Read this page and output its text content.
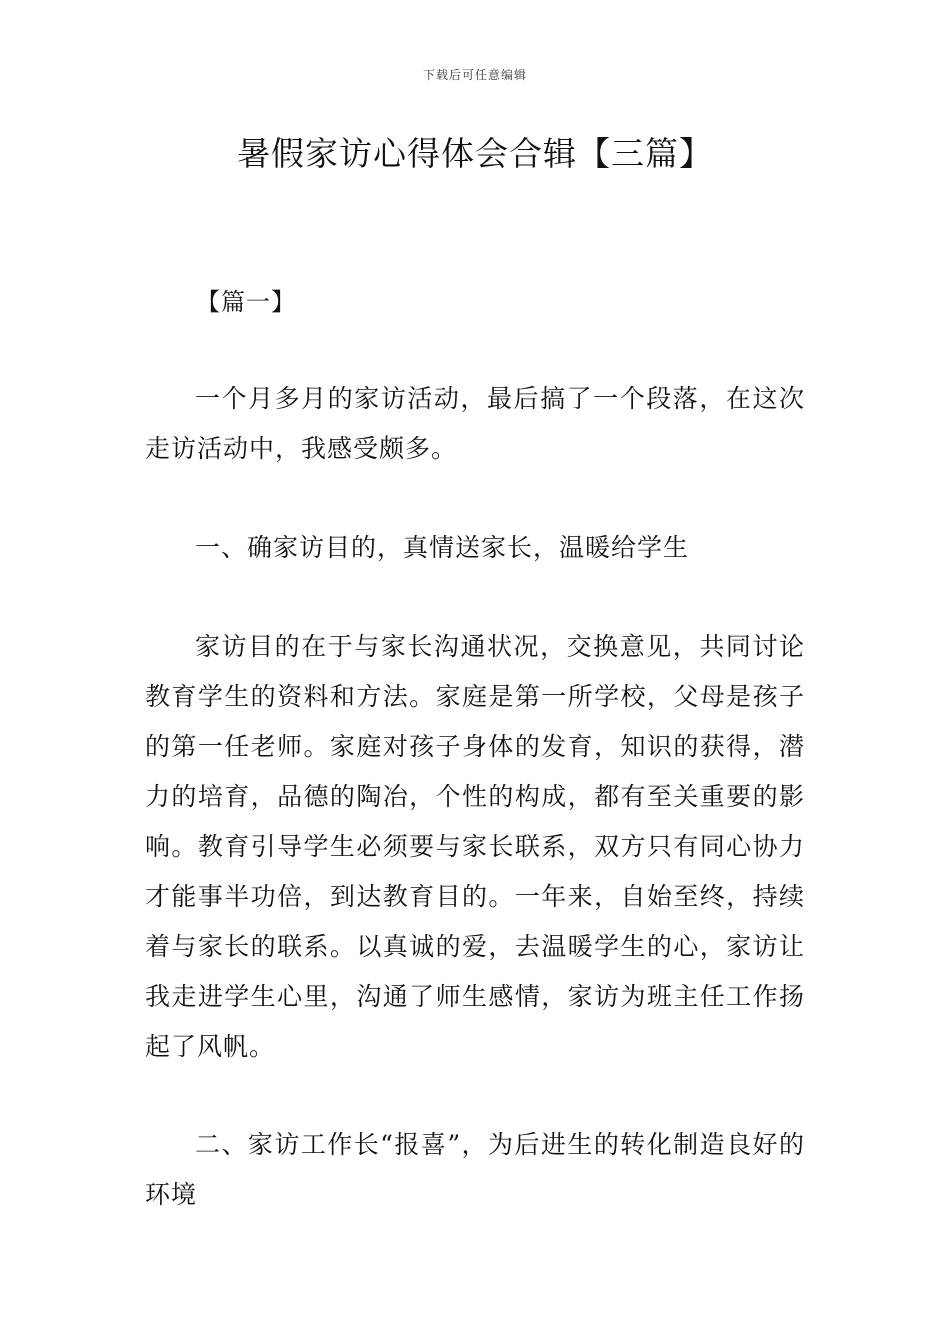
下载后可任意编辑
暑假家访心得体会合辑【三篇】
【篇一】

一个月多月的家访活动，最后搞了一个段落，在这次走访活动中，我感受颇多。

一、确家访目的，真情送家长，温暖给学生

家访目的在于与家长沟通状况，交换意见，共同讨论教育学生的资料和方法。家庭是第一所学校，父母是孩子的第一任老师。家庭对孩子身体的发育，知识的获得，潜力的培育，品德的陶冶，个性的构成，都有至关重要的影响。教育引导学生必须要与家长联系，双方只有同心协力才能事半功倍，到达教育目的。一年来，自始至终，持续着与家长的联系。以真诚的爱，去温暖学生的心，家访让我走进学生心里，沟通了师生感情，家访为班主任工作扬起了风帆。

二、家访工作长“报喜”，为后进生的转化制造良好的环境
